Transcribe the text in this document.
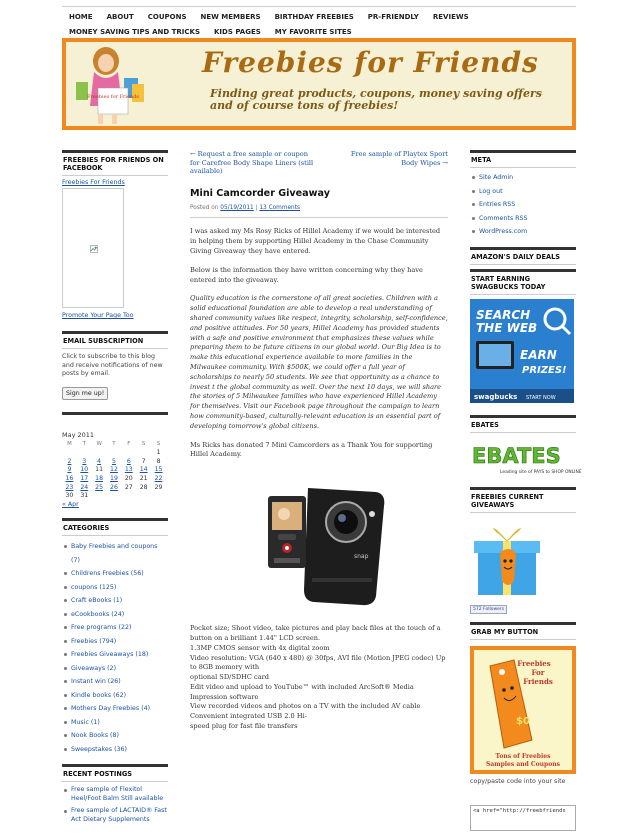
HOME	ABOUT	COUPONS	NEW MEMBERS	BIRTHDAY FREEBIES	PR-FRIENDLY	REVIEWS
MONEY SAVING TIPS AND TRICKS	KIDS PAGES	MY FAVORITE SITES
Freebies for Friends
Freebies for Friends
Finding great products, coupons, money saving offers
and of course tons of freebies!
FREEBIES FOR FRIENDS ON FACEBOOK
Freebies For Friends
Promote Your Page Too
EMAIL SUBSCRIPTION
Click to subscribe to this blog and receive notifications of new posts by email.
Sign me up!
May 2011
M	T	W	T	F	S	S
						1
2	3	4	5	6	7	8
9	10	11	12	13	14	15
16	17	18	19	20	21	22
23	24	25	26	27	28	29
30	31					
« Apr
CATEGORIES
Baby Freebies and coupons (7)
Childrens Freebies (56)
coupons (125)
Craft eBooks (1)
eCookbooks (24)
Free programs (22)
Freebies (794)
Freebies Giveaways (18)
Giveaways (2)
Instant win (26)
Kindle books (62)
Mothers Day Freebies (4)
Music (1)
Nook Books (8)
Sweepstakes (36)
RECENT POSTINGS
Free sample of Flexitol Heel/Foot Balm Still available
Free sample of LACTAID® Fast Act Dietary Supplements
← Request a free sample or coupon for Carefree Body Shape Liners (still available)
Free sample of Playtex Sport Body Wipes →
Mini Camcorder Giveaway
Posted on 05/19/2011 | 13 Comments

I was asked my Ms Rosy Ricks of Hillel Academy if we would be interested in helping them by supporting Hillel Academy in the Chase Community Giving Giveaway they have entered.

Below is the information they have written concerning why they have entered into the giveaway.

Quality education is the cornerstone of all great societies. Children with a solid educational foundation are able to develop a real understanding of shared community values like respect, integrity, scholarship, self-confidence, and positive attitudes. For 50 years, Hillel Academy has provided students with a safe and positive environment that emphasizes these values while preparing them to be future citizens in our global world. Our Big Idea is to make this educational experience available to more families in the Milwaukee community. With $500K, we could offer a full year of scholarships to nearly 50 students. We see that opportunity as a chance to invest t the global community as well. Over the next 10 days, we will share the stories of 5 Milwaukee families who have experienced Hillel Academy for themselves. Visit our Facebook page throughout the campaign to learn how community-based, culturally-relevant education is an essential part of developing tomorrow's global citizens.

Ms Ricks has donated 7 Mini Camcorders as a Thank You for supporting Hillel Academy.

snap
Pocket size; Shoot video, take pictures and play back files at the touch of a button on a brilliant 1.44" LCD screen.
1.3MP CMOS sensor with 4x digital zoom
Video resolution: VGA (640 x 480) @ 30fps, AVI file (Motion JPEG codec) Up to 8GB memory with
optional SD/SDHC card
Edit video and upload to YouTube™ with included ArcSoft® Media Impression software
View recorded videos and photos on a TV with the included AV cable
Convenient integrated USB 2.0 Hi-
speed plug for fast file transfers
META
Site Admin
Log out
Entries RSS
Comments RSS
WordPress.com
AMAZON'S DAILY DEALS
START EARNING SWAGBUCKS TODAY
SEARCH
THE WEB
EARN
PRIZES!
swagbucks START NOW
EBATES
EBATES
Leading site of PAYS to SHOP ONLINE
FREEBIES CURRENT GIVEAWAYS
572 Followers
GRAB MY BUTTON
Freebies
For
Friends
$0
Tons of Freebies
Samples and Coupons
copy/paste code into your site
<a href="http://freebfriends
